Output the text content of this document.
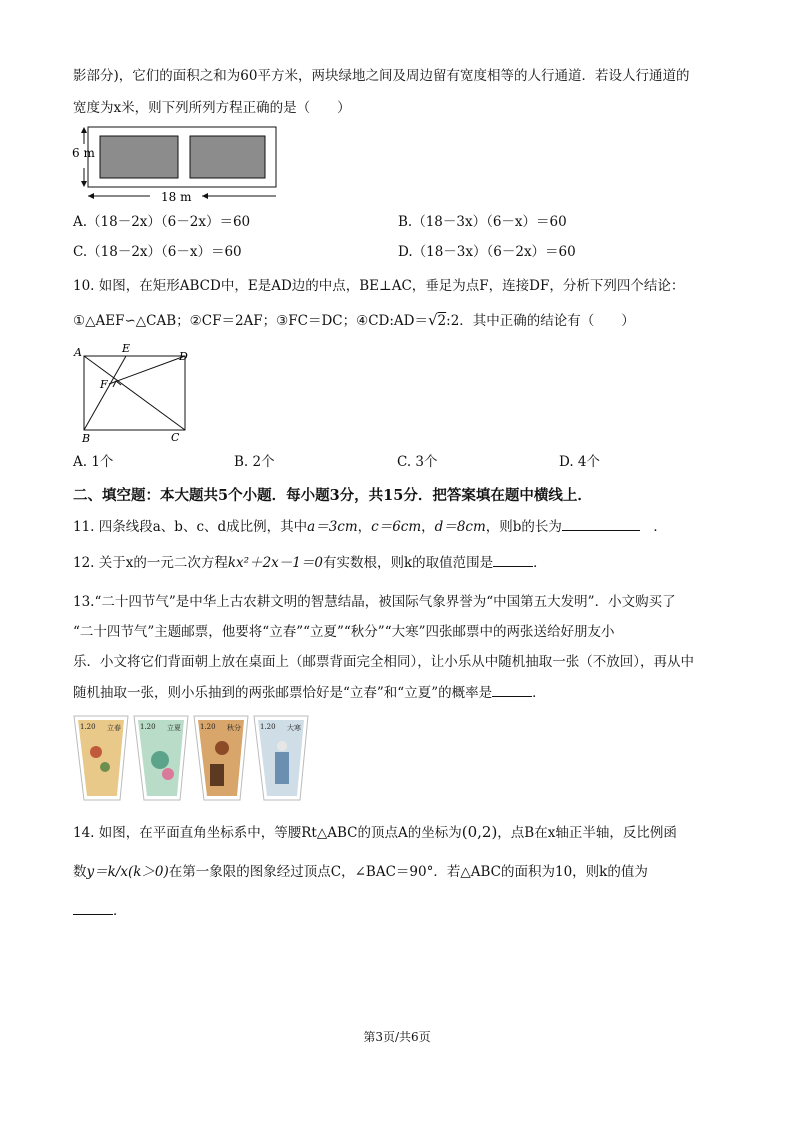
影部分)，它们的面积之和为60平方米，两块绿地之间及周边留有宽度相等的人行通道．若设人行通道的
宽度为x米，则下列所列方程正确的是（　　）
6 m
18 m
A.（18－2x）（6－2x）＝60	B.（18－3x）（6－x）＝60
C.（18－2x）（6－x）＝60	D.（18－3x）（6－2x）＝60
10. 如图，在矩形ABCD中，E是AD边的中点，BE⊥AC，垂足为点F，连接DF，分析下列四个结论：
①△AEF∽△CAB；②CF＝2AF；③FC＝DC；④CD:AD＝√2:2．其中正确的结论有（　　）
A	E
D
F
B	C
A. 1个	B. 2个	C. 3个	D. 4个
二、填空题：本大题共5个小题．每小题3分，共15分．把答案填在题中横线上．
11. 四条线段a、b、c、d成比例，其中a＝3cm，c＝6cm，d＝8cm，则b的长为　	．
12. 关于x的一元二次方程kx²＋2x－1＝0有实数根，则k的取值范围是	．
13.“二十四节气”是中华上古农耕文明的智慧结晶，被国际气象界誉为“中国第五大发明”．小文购买了
“二十四节气”主题邮票，他要将“立春”“立夏”“秋分”“大寒”四张邮票中的两张送给好朋友小
乐．小文将它们背面朝上放在桌面上（邮票背面完全相同），让小乐从中随机抽取一张（不放回），再从中
随机抽取一张，则小乐抽到的两张邮票恰好是“立春”和“立夏”的概率是	．
1.20 立春	1.20 立夏	1.20 秋分	1.20 大寒
14. 如图，在平面直角坐标系中，等腰Rt△ABC的顶点A的坐标为(0,2)，点B在x轴正半轴，反比例函
数y＝k/x(k＞0)在第一象限的图象经过顶点C，∠BAC＝90°．若△ABC的面积为10，则k的值为
．
第3页/共6页
